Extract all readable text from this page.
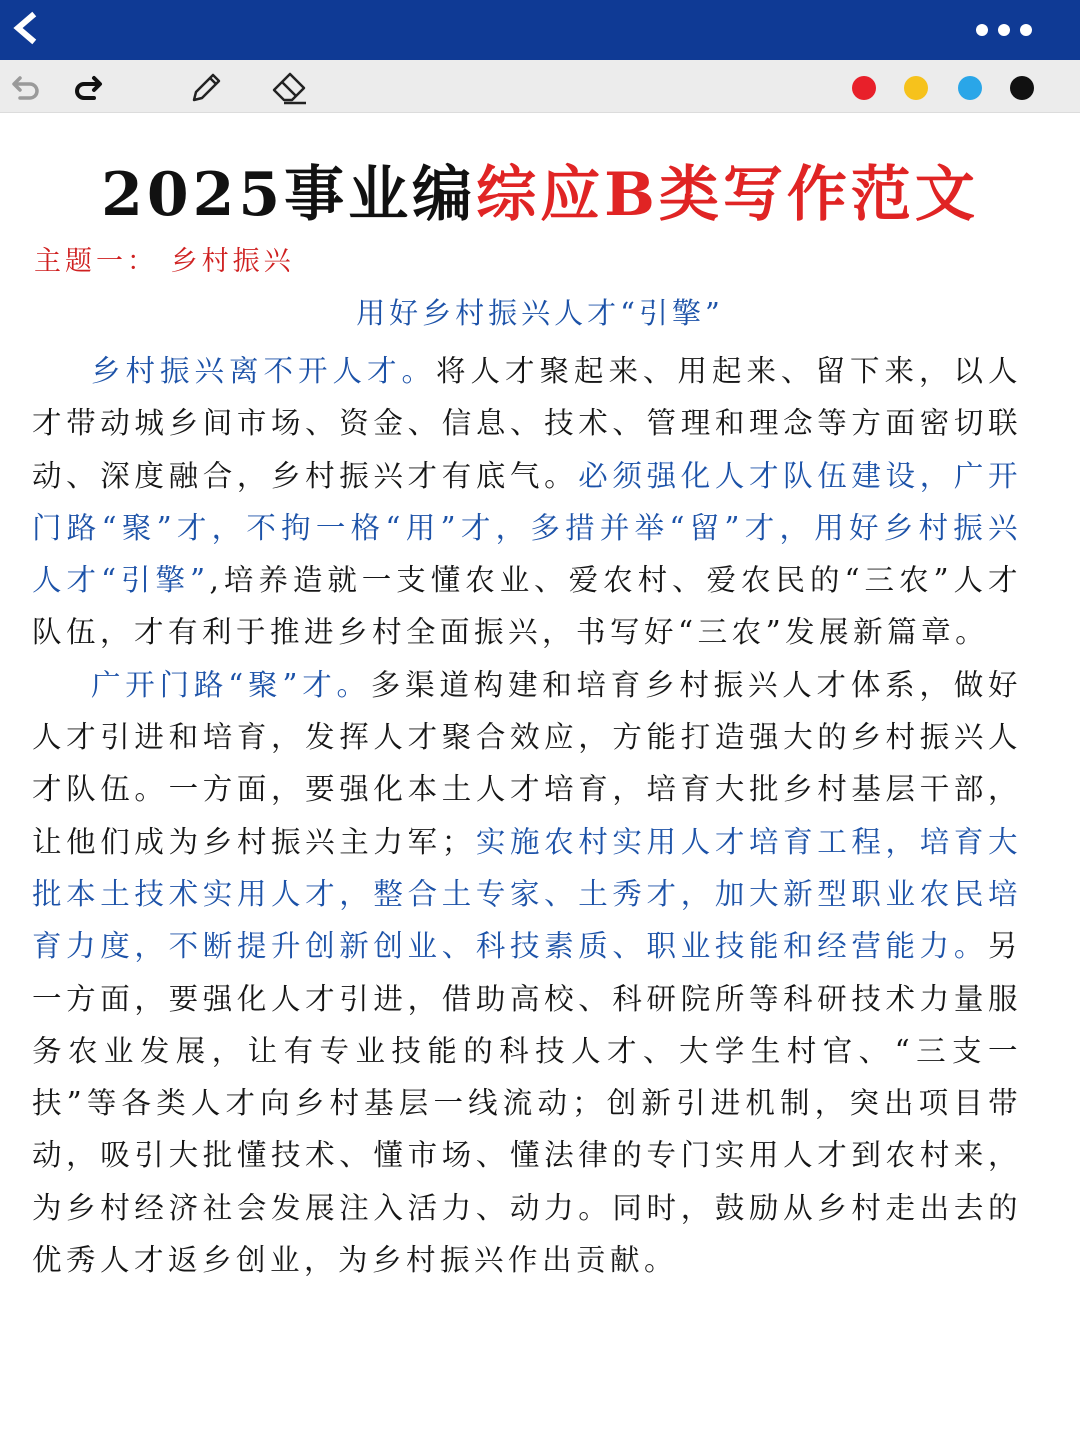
2025事业编综应B类写作范文
主题一： 乡村振兴
用好乡村振兴人才“引擎”

乡村振兴离不开人才。将人才聚起来、用起来、留下来，以人才带动城乡间市场、资金、信息、技术、管理和理念等方面密切联动、深度融合，乡村振兴才有底气。必须强化人才队伍建设，广开门路“聚”才，不拘一格“用”才，多措并举“留”才，用好乡村振兴人才“引擎”,培养造就一支懂农业、爱农村、爱农民的“三农”人才队伍，才有利于推进乡村全面振兴，书写好“三农”发展新篇章。

广开门路“聚”才。多渠道构建和培育乡村振兴人才体系，做好人才引进和培育，发挥人才聚合效应，方能打造强大的乡村振兴人才队伍。一方面，要强化本土人才培育，培育大批乡村基层干部，让他们成为乡村振兴主力军；实施农村实用人才培育工程，培育大批本土技术实用人才，整合土专家、土秀才，加大新型职业农民培育力度，不断提升创新创业、科技素质、职业技能和经营能力。另一方面，要强化人才引进，借助高校、科研院所等科研技术力量服务农业发展，让有专业技能的科技人才、大学生村官、“三支一扶”等各类人才向乡村基层一线流动；创新引进机制，突出项目带动，吸引大批懂技术、懂市场、懂法律的专门实用人才到农村来，为乡村经济社会发展注入活力、动力。同时，鼓励从乡村走出去的优秀人才返乡创业，为乡村振兴作出贡献。
